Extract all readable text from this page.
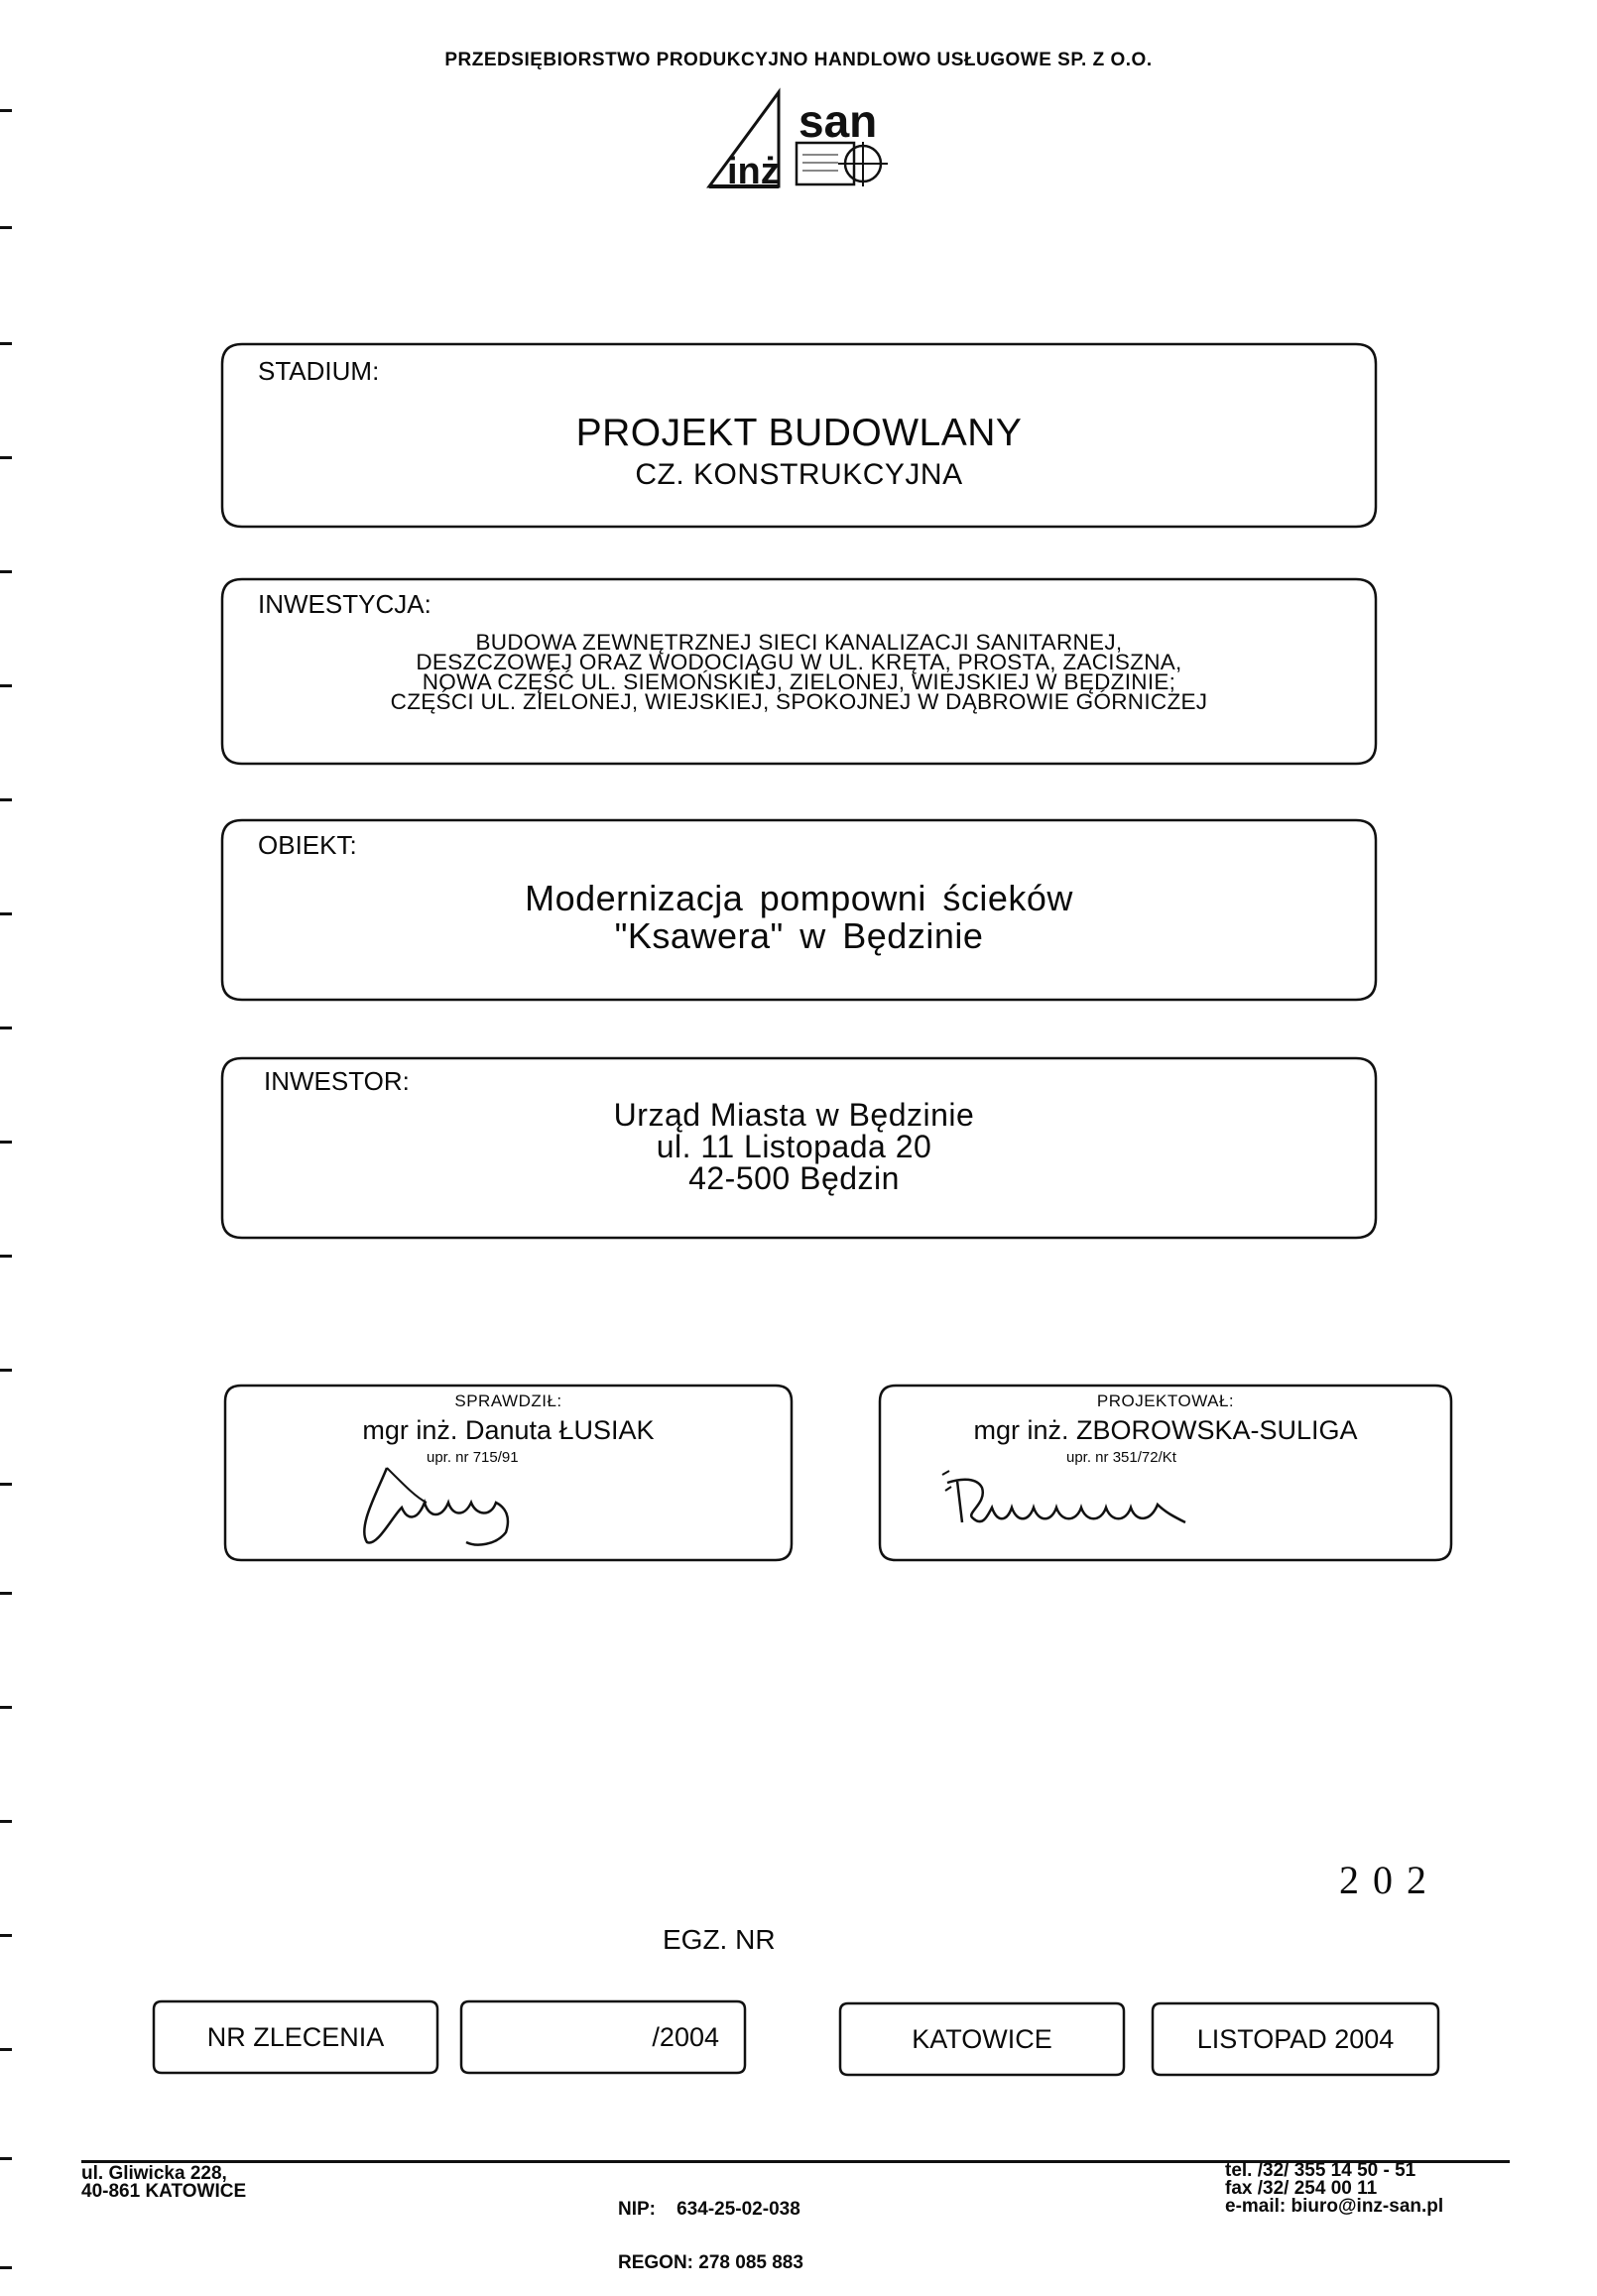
PRZEDSIĘBIORSTWO PRODUKCYJNO HANDLOWO USŁUGOWE SP. Z O.O.
inż
san
STADIUM:
PROJEKT BUDOWLANY
CZ. KONSTRUKCYJNA
INWESTYCJA:
BUDOWA ZEWNĘTRZNEJ SIECI KANALIZACJI SANITARNEJ,
DESZCZOWEJ ORAZ WODOCIĄGU W UL. KRĘTA, PROSTA, ZACISZNA,
NOWA CZĘŚĆ UL. SIEMOŃSKIEJ, ZIELONEJ, WIEJSKIEJ W BĘDZINIE;
CZĘŚCI UL. ZIELONEJ, WIEJSKIEJ, SPOKOJNEJ W DĄBROWIE GÓRNICZEJ
OBIEKT:
Modernizacja pompowni ścieków
"Ksawera" w Będzinie
INWESTOR:
Urząd Miasta w Będzinie
ul. 11 Listopada 20
42-500 Będzin
SPRAWDZIŁ:
mgr inż. Danuta ŁUSIAK
upr. nr 715/91
PROJEKTOWAŁ:
mgr inż. ZBOROWSKA-SULIGA
upr. nr 351/72/Kt
2 0 2
EGZ. NR
NR ZLECENIA	/2004	KATOWICE	LISTOPAD 2004
ul. Gliwicka 228,
40-861 KATOWICE

NIP:    634-25-02-038

REGON: 278 085 883

tel. /32/ 355 14 50 - 51
fax /32/ 254 00 11
e-mail: biuro@inz-san.pl
